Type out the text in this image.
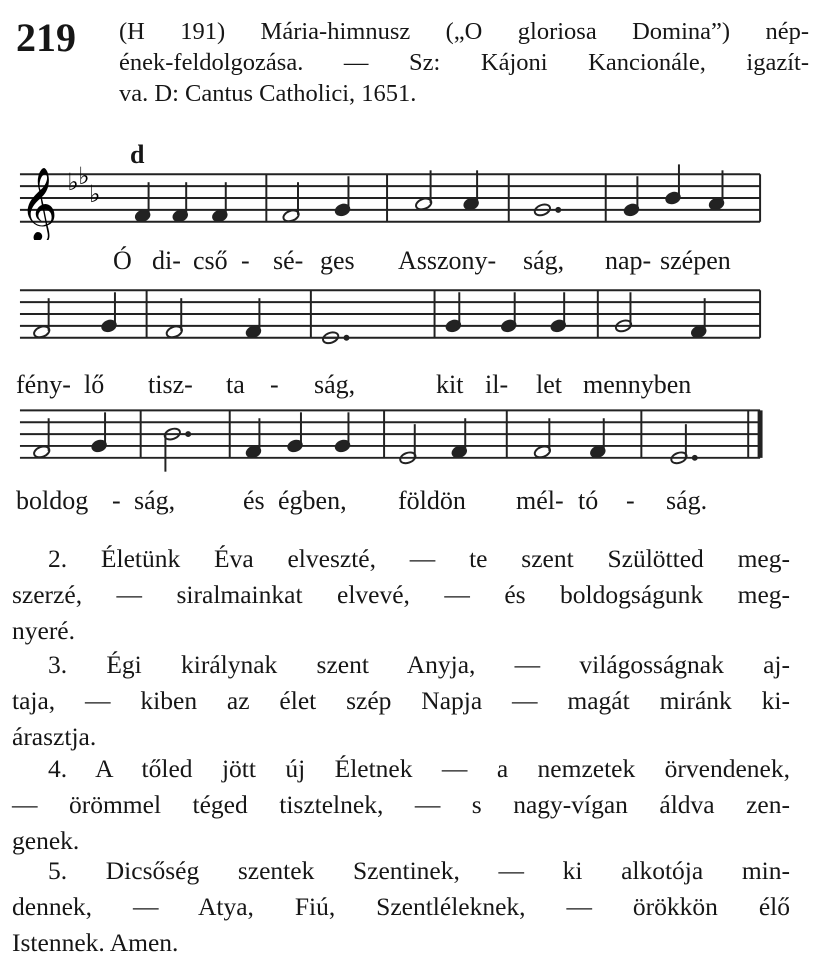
219 (H 191) Mária-himnusz („O gloriosa Domina”) nép-
ének-feldolgozása. — Sz: Kájoni Kancionále, igazít-
va. D: Cantus Catholici, 1651.
d
𝄞 ♭ ♭
♭
Ó di- cső - sé- ges Asszony- ság, nap- szépen
fény- lő tisz- ta - ság,	kit il- let mennyben
boldog - ság,	és égben, földön mél- tó - ság.
2. Életünk Éva elveszté, — te szent Szülötted meg-
szerzé, — siralmainkat elvevé, — és boldogságunk meg-
nyeré.
3. Égi királynak szent Anyja, — világosságnak aj-
taja, — kiben az élet szép Napja — magát miránk ki-
árasztja.
4. A tőled jött új Életnek — a nemzetek örvendenek,
— örömmel téged tisztelnek, — s nagy-vígan áldva zen-
genek.
5. Dicsőség szentek Szentinek, — ki alkotója min-
dennek, — Atya, Fiú, Szentléleknek, — örökkön élő
Istennek. Amen.
